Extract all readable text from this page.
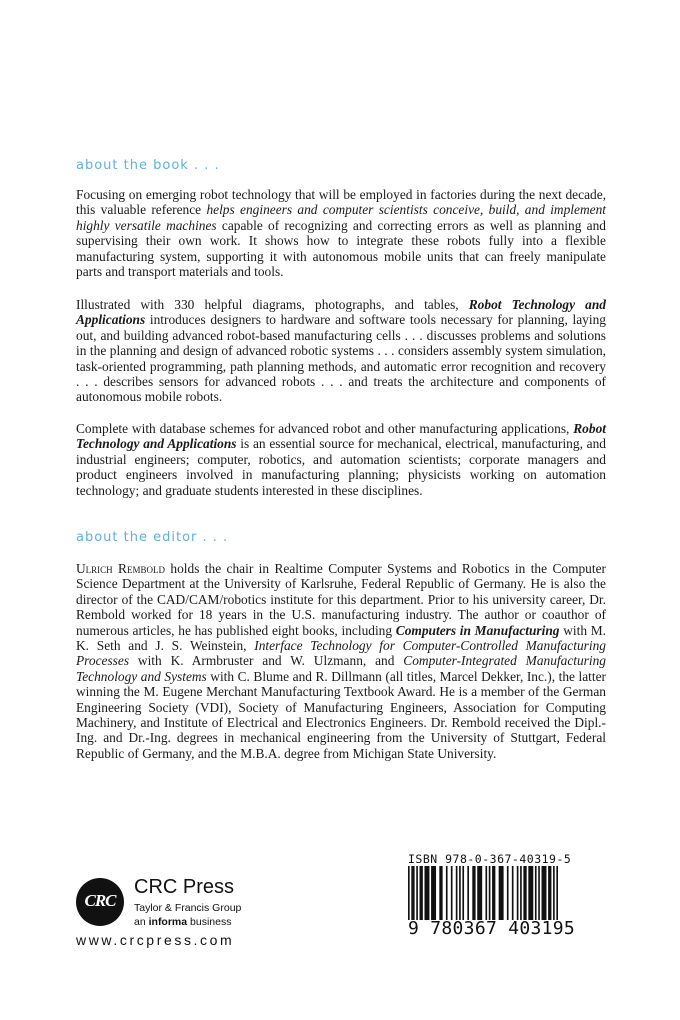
about the book . . .

Focusing on emerging robot technology that will be employed in factories during the next decade, this valuable reference helps engineers and computer scientists conceive, build, and implement highly versatile machines capable of recognizing and correcting errors as well as planning and supervising their own work. It shows how to integrate these robots fully into a flexible manufacturing system, supporting it with autonomous mobile units that can freely manipulate parts and transport materials and tools.

Illustrated with 330 helpful diagrams, photographs, and tables, Robot Technology and Applications introduces designers to hardware and software tools necessary for planning, laying out, and building advanced robot-based manufacturing cells . . . discusses problems and solutions in the planning and design of advanced robotic systems . . . considers assembly system simulation, task-oriented programming, path planning methods, and automatic error recognition and recovery . . . describes sensors for advanced robots . . . and treats the architecture and components of autonomous mobile robots.

Complete with database schemes for advanced robot and other manufacturing applications, Robot Technology and Applications is an essential source for mechanical, electrical, manufacturing, and industrial engineers; computer, robotics, and automation scientists; corporate managers and product engineers involved in manufacturing planning; physicists working on automation technology; and graduate students interested in these disciplines.

about the editor . . .

Ulrich Rembold holds the chair in Realtime Computer Systems and Robotics in the Computer Science Department at the University of Karlsruhe, Federal Republic of Germany. He is also the director of the CAD/CAM/robotics institute for this department. Prior to his university career, Dr. Rembold worked for 18 years in the U.S. manufacturing industry. The author or coauthor of numerous articles, he has published eight books, including Computers in Manufacturing with M. K. Seth and J. S. Weinstein, Interface Technology for Computer-Controlled Manufacturing Processes with K. Armbruster and W. Ulzmann, and Computer-Integrated Manufacturing Technology and Systems with C. Blume and R. Dillmann (all titles, Marcel Dekker, Inc.), the latter winning the M. Eugene Merchant Manufacturing Textbook Award. He is a member of the German Engineering Society (VDI), Society of Manufacturing Engineers, Association for Computing Machinery, and Institute of Electrical and Electronics Engineers. Dr. Rembold received the Dipl.-Ing. and Dr.-Ing. degrees in mechanical engineering from the University of Stuttgart, Federal Republic of Germany, and the M.B.A. degree from Michigan State University.

CRC
CRC Press
Taylor & Francis Group
an informa business
www.crcpress.com
ISBN 978-0-367-40319-5
9 780367 403195
